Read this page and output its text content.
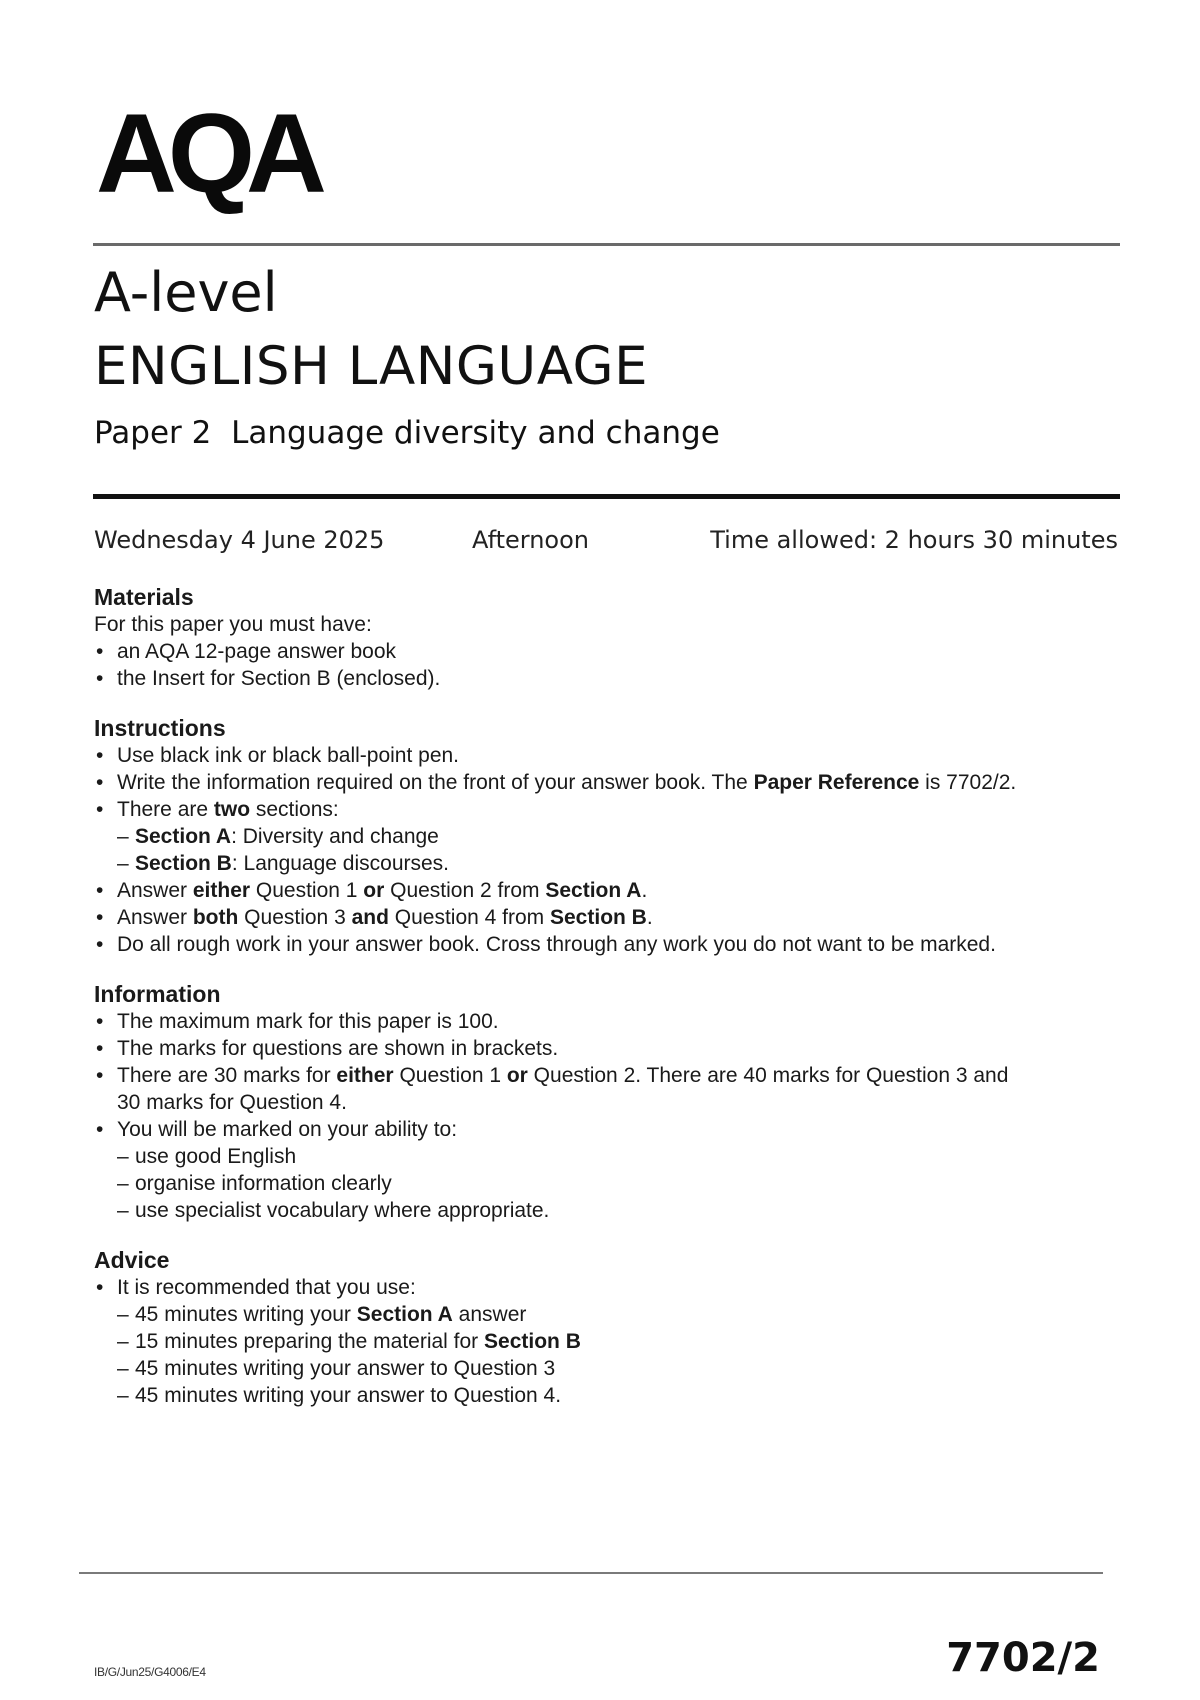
AQA
A-level
ENGLISH LANGUAGE
Paper 2 Language diversity and change
Wednesday 4 June 2025	Afternoon	Time allowed: 2 hours 30 minutes

Materials

For this paper you must have:

• an AQA 12-page answer book

• the Insert for Section B (enclosed).

Instructions

• Use black ink or black ball-point pen.

• Write the information required on the front of your answer book. The Paper Reference is 7702/2.

• There are two sections:

– Section A: Diversity and change

– Section B: Language discourses.

• Answer either Question 1 or Question 2 from Section A.

• Answer both Question 3 and Question 4 from Section B.

• Do all rough work in your answer book. Cross through any work you do not want to be marked.

Information

• The maximum mark for this paper is 100.

• The marks for questions are shown in brackets.

• There are 30 marks for either Question 1 or Question 2. There are 40 marks for Question 3 and

30 marks for Question 4.

• You will be marked on your ability to:

– use good English

– organise information clearly

– use specialist vocabulary where appropriate.

Advice

• It is recommended that you use:

– 45 minutes writing your Section A answer

– 15 minutes preparing the material for Section B

– 45 minutes writing your answer to Question 3

– 45 minutes writing your answer to Question 4.

IB/G/Jun25/G4006/E4	7702/2
